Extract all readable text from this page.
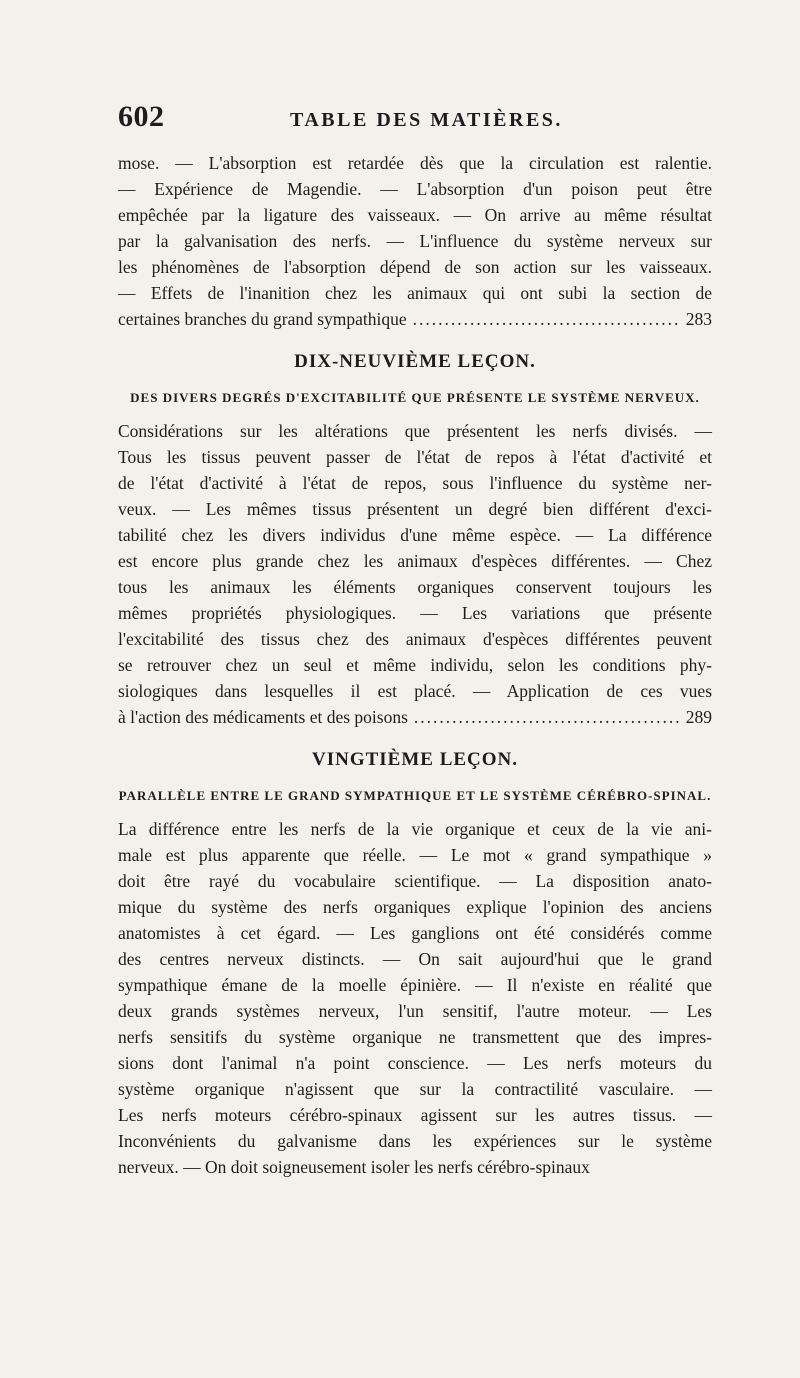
602	TABLE DES MATIÈRES.

mose. — L'absorption est retardée dès que la circulation est ralentie.

— Expérience de Magendie. — L'absorption d'un poison peut être

empêchée par la ligature des vaisseaux. — On arrive au même résultat

par la galvanisation des nerfs. — L'influence du système nerveux sur

les phénomènes de l'absorption dépend de son action sur les vaisseaux.

— Effets de l'inanition chez les animaux qui ont subi la section de

certaines branches du grand sympathique .....	283

DIX-NEUVIÈME LEÇON.
DES DIVERS DEGRÉS D'EXCITABILITÉ QUE PRÉSENTE LE SYSTÈME NERVEUX.

Considérations sur les altérations que présentent les nerfs divisés. —

Tous les tissus peuvent passer de l'état de repos à l'état d'activité et

de l'état d'activité à l'état de repos, sous l'influence du système ner-

veux. — Les mêmes tissus présentent un degré bien différent d'exci-

tabilité chez les divers individus d'une même espèce. — La différence

est encore plus grande chez les animaux d'espèces différentes. — Chez

tous les animaux les éléments organiques conservent toujours les

mêmes propriétés physiologiques. — Les variations que présente

l'excitabilité des tissus chez des animaux d'espèces différentes peuvent

se retrouver chez un seul et même individu, selon les conditions phy-

siologiques dans lesquelles il est placé. — Application de ces vues

à l'action des médicaments et des poisons .....	289

VINGTIÈME LEÇON.
PARALLÈLE ENTRE LE GRAND SYMPATHIQUE ET LE SYSTÈME CÉRÉBRO-SPINAL.

La différence entre les nerfs de la vie organique et ceux de la vie ani-

male est plus apparente que réelle. — Le mot « grand sympathique »

doit être rayé du vocabulaire scientifique. — La disposition anato-

mique du système des nerfs organiques explique l'opinion des anciens

anatomistes à cet égard. — Les ganglions ont été considérés comme

des centres nerveux distincts. — On sait aujourd'hui que le grand

sympathique émane de la moelle épinière. — Il n'existe en réalité que

deux grands systèmes nerveux, l'un sensitif, l'autre moteur. — Les

nerfs sensitifs du système organique ne transmettent que des impres-

sions dont l'animal n'a point conscience. — Les nerfs moteurs du

système organique n'agissent que sur la contractilité vasculaire. —

Les nerfs moteurs cérébro-spinaux agissent sur les autres tissus. —

Inconvénients du galvanisme dans les expériences sur le système

nerveux. — On doit soigneusement isoler les nerfs cérébro-spinaux
